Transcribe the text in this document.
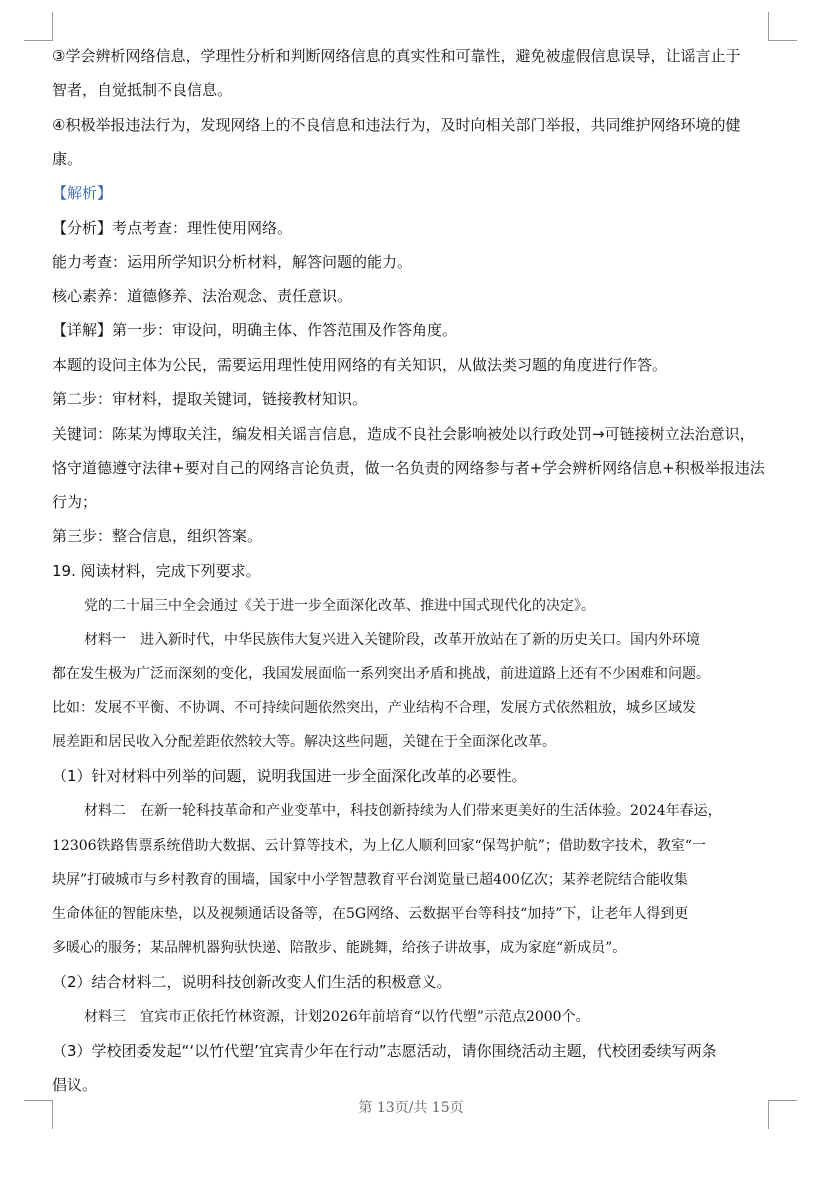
③学会辨析网络信息，学理性分析和判断网络信息的真实性和可靠性，避免被虚假信息误导，让谣言止于
智者，自觉抵制不良信息。
④积极举报违法行为，发现网络上的不良信息和违法行为，及时向相关部门举报，共同维护网络环境的健
康。
【解析】
【分析】考点考查：理性使用网络。
能力考查：运用所学知识分析材料，解答问题的能力。
核心素养：道德修养、法治观念、责任意识。
【详解】第一步：审设问，明确主体、作答范围及作答角度。
本题的设问主体为公民，需要运用理性使用网络的有关知识，从做法类习题的角度进行作答。
第二步：审材料，提取关键词，链接教材知识。
关键词：陈某为博取关注，编发相关谣言信息，造成不良社会影响被处以行政处罚→可链接树立法治意识，
恪守道德遵守法律+要对自己的网络言论负责，做一名负责的网络参与者+学会辨析网络信息+积极举报违法
行为；
第三步：整合信息，组织答案。
19. 阅读材料，完成下列要求。
党的二十届三中全会通过《关于进一步全面深化改革、推进中国式现代化的决定》。
材料一　进入新时代，中华民族伟大复兴进入关键阶段，改革开放站在了新的历史关口。国内外环境
都在发生极为广泛而深刻的变化，我国发展面临一系列突出矛盾和挑战，前进道路上还有不少困难和问题。
比如：发展不平衡、不协调、不可持续问题依然突出，产业结构不合理，发展方式依然粗放，城乡区域发
展差距和居民收入分配差距依然较大等。解决这些问题，关键在于全面深化改革。
（1）针对材料中列举的问题，说明我国进一步全面深化改革的必要性。
材料二　在新一轮科技革命和产业变革中，科技创新持续为人们带来更美好的生活体验。2024年春运，
12306铁路售票系统借助大数据、云计算等技术，为上亿人顺利回家“保驾护航”；借助数字技术，教室“一
块屏”打破城市与乡村教育的围墙，国家中小学智慧教育平台浏览量已超400亿次；某养老院结合能收集
生命体征的智能床垫，以及视频通话设备等，在5G网络、云数据平台等科技“加持”下，让老年人得到更
多暖心的服务；某品牌机器狗驮快递、陪散步、能跳舞，给孩子讲故事，成为家庭“新成员”。
（2）结合材料二，说明科技创新改变人们生活的积极意义。
材料三　宜宾市正依托竹林资源，计划2026年前培育“以竹代塑”示范点2000个。
（3）学校团委发起“‘以竹代塑’宜宾青少年在行动”志愿活动，请你围绕活动主题，代校团委续写两条
倡议。
第 13页/共 15页
